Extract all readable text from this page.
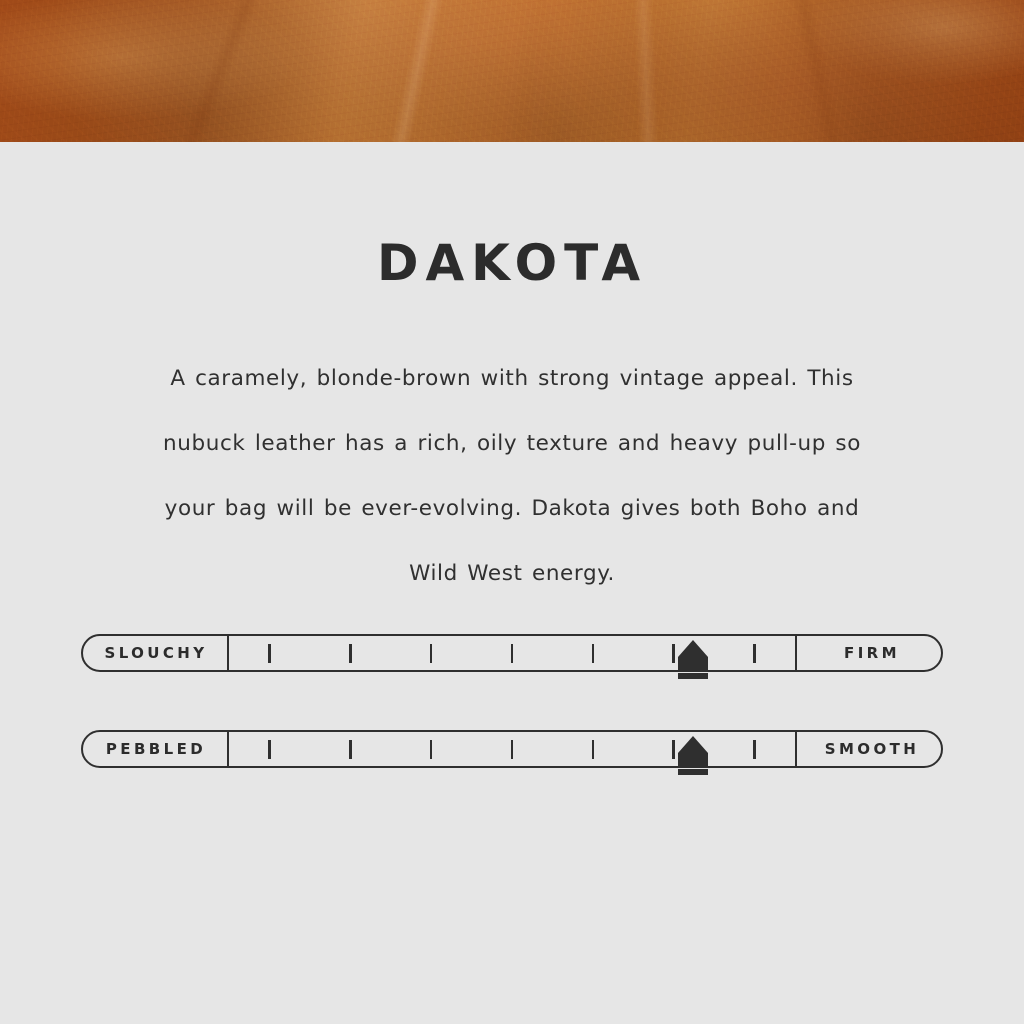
DAKOTA

A caramely, blonde-brown with strong vintage appeal. This nubuck leather has a rich, oily texture and heavy pull-up so your bag will be ever-evolving. Dakota gives both Boho and Wild West energy.

SLOUCHY	FIRM
PEBBLED	SMOOTH
